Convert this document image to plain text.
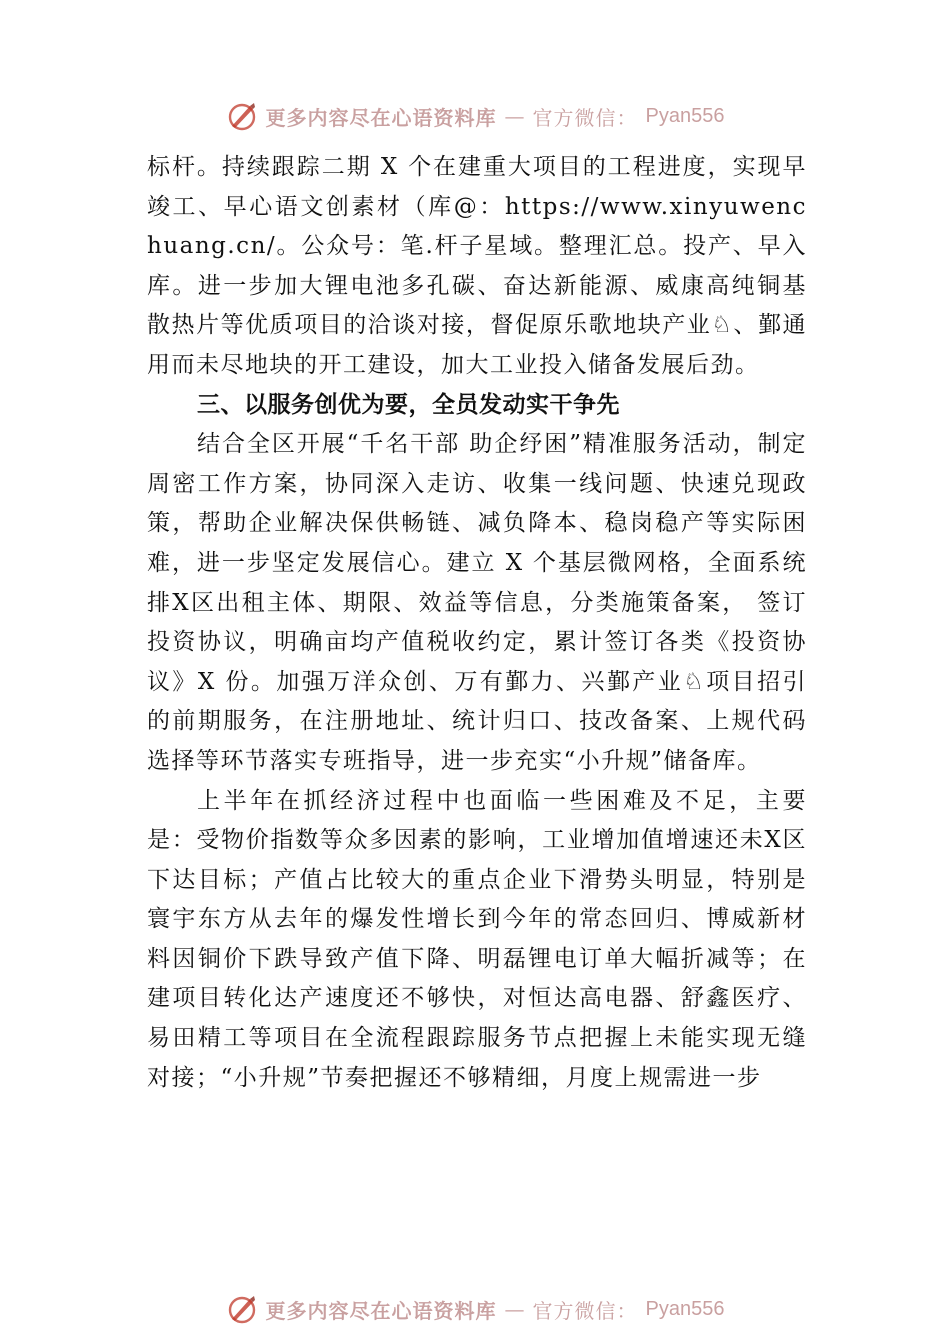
更多内容尽在心语资料库 — 官方微信： Pyan556

标杆。持续跟踪二期 X 个在建重大项目的工程进度，实现早竣工、早心语文创素材（库@：https://www.xinyuwenchuang.cn/。公众号：笔.杆子星域。整理汇总。投产、早入库。进一步加大锂电池多孔碳、奋达新能源、威康高纯铜基散热片等优质项目的洽谈对接，督促原乐歌地块产业♘、鄞通用而未尽地块的开工建设，加大工业投入储备发展后劲。

三、以服务创优为要，全员发动实干争先

结合全区开展“千名干部 助企纾困”精准服务活动，制定周密工作方案，协同深入走访、收集一线问题、快速兑现政策，帮助企业解决保供畅链、减负降本、稳岗稳产等实际困难，进一步坚定发展信心。建立 X 个基层微网格，全面系统排X区出租主体、期限、效益等信息，分类施策备案， 签订投资协议，明确亩均产值税收约定，累计签订各类《投资协议》X 份。加强万洋众创、万有鄞力、兴鄞产业♘项目招引的前期服务，在注册地址、统计归口、技改备案、上规代码选择等环节落实专班指导，进一步充实“小升规”储备库。

上半年在抓经济过程中也面临一些困难及不足，主要是：受物价指数等众多因素的影响，工业增加值增速还未X区下达目标；产值占比较大的重点企业下滑势头明显，特别是寰宇东方从去年的爆发性增长到今年的常态回归、博威新材料因铜价下跌导致产值下降、明磊锂电订单大幅折减等；在建项目转化达产速度还不够快，对恒达高电器、舒鑫医疗、 易田精工等项目在全流程跟踪服务节点把握上未能实现无缝对接；“小升规”节奏把握还不够精细，月度上规需进一步

更多内容尽在心语资料库 — 官方微信： Pyan556
